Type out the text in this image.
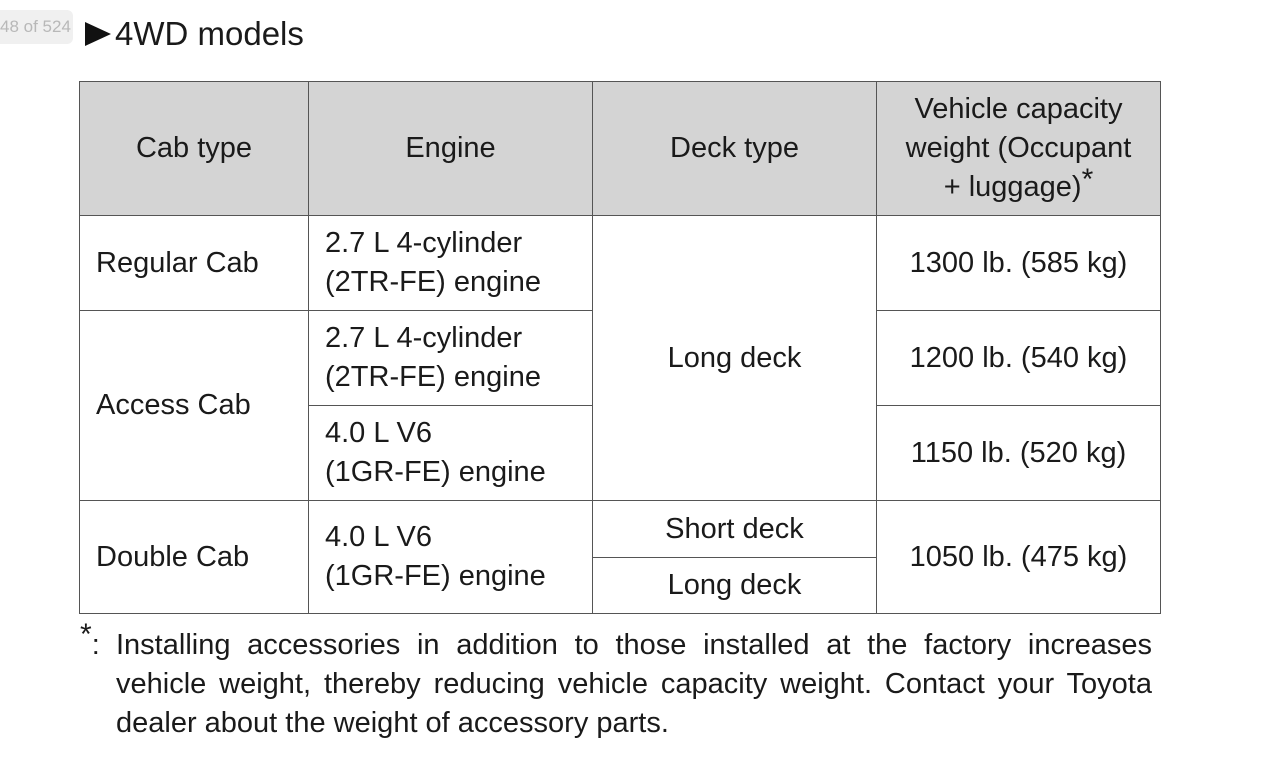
48 of 524 4WD models
Cab type	Engine	Deck type	Vehicle capacity
weight (Occupant
+ luggage)*

Regular Cab	2.7 L 4-cylinder
(2TR-FE) engine	Long deck	1300 lb. (585 kg)
Access Cab	2.7 L 4-cylinder
(2TR-FE) engine		1200 lb. (540 kg)

	4.0 L V6
(1GR-FE) engine		1150 lb. (520 kg)
Double Cab	4.0 L V6
(1GR-FE) engine	Short deck	1050 lb. (475 kg)
		Long deck	
*: Installing accessories in addition to those installed at the factory increases vehicle weight, thereby reducing vehicle capacity weight. Contact your Toyota dealer about the weight of accessory parts.
